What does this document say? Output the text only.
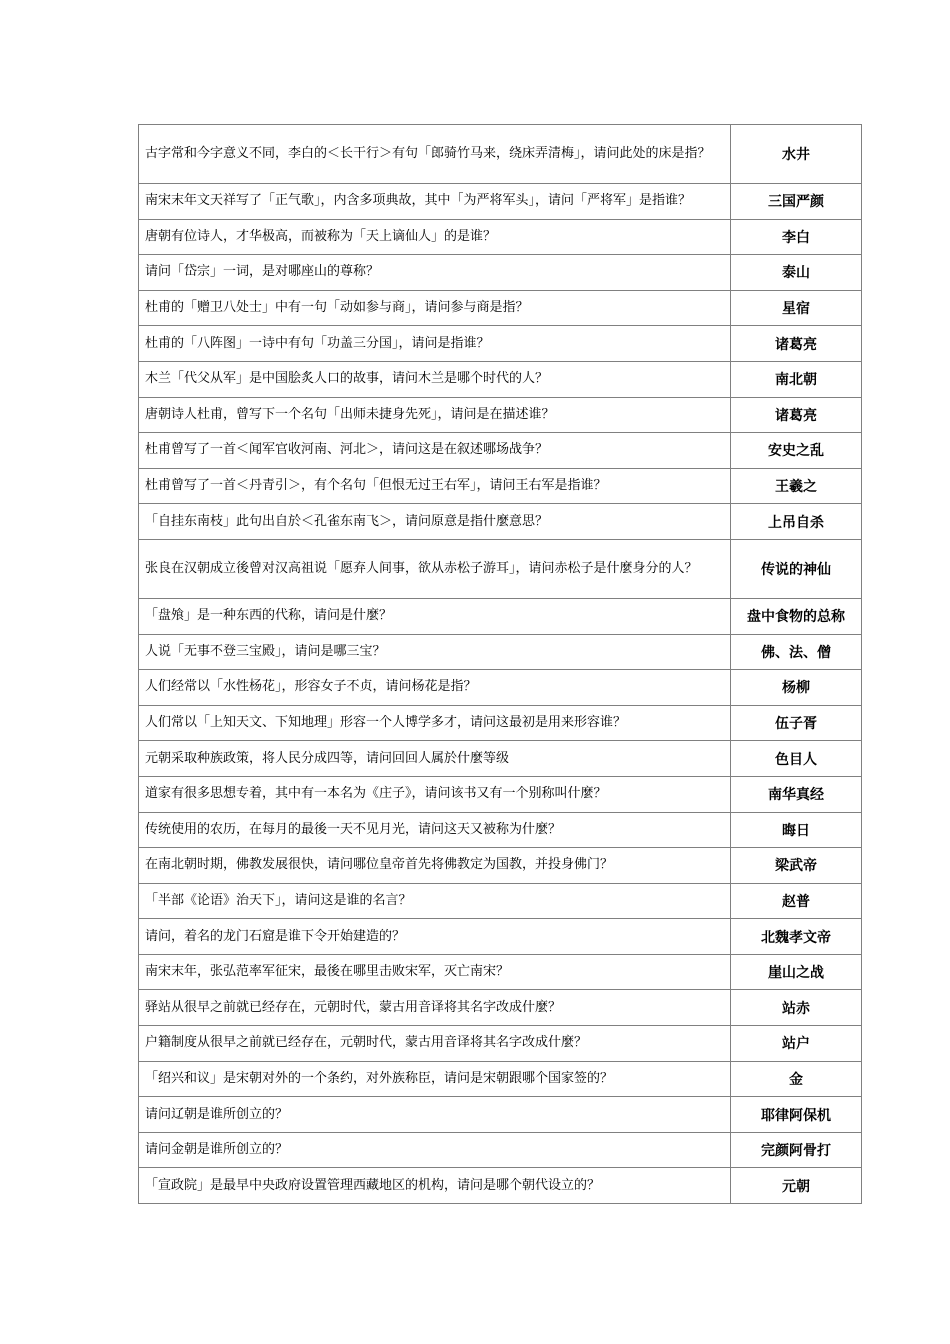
古字常和今字意义不同，李白的＜长干行＞有句「郎骑竹马来，绕床弄清梅」，请问此处的床是指？	水井
南宋末年文天祥写了「正气歌」，内含多项典故，其中「为严将军头」，请问「严将军」是指谁？	三国严颜
唐朝有位诗人，才华极高，而被称为「天上谪仙人」的是谁？	李白
请问「岱宗」一词，是对哪座山的尊称？	泰山
杜甫的「赠卫八处士」中有一句「动如参与商」，请问参与商是指？	星宿
杜甫的「八阵图」一诗中有句「功盖三分国」，请问是指谁？	诸葛亮
木兰「代父从军」是中国脍炙人口的故事，请问木兰是哪个时代的人？	南北朝
唐朝诗人杜甫，曾写下一个名句「出师未捷身先死」，请问是在描述谁？	诸葛亮
杜甫曾写了一首＜闻军官收河南、河北＞，请问这是在叙述哪场战争？	安史之乱
杜甫曾写了一首＜丹青引＞，有个名句「但恨无过王右军」，请问王右军是指谁？	王羲之
「自挂东南枝」此句出自於＜孔雀东南飞＞，请问原意是指什麼意思？	上吊自杀
张良在汉朝成立後曾对汉高祖说「愿弃人间事，欲从赤松子游耳」，请问赤松子是什麼身分的人？	传说的神仙
「盘飧」是一种东西的代称，请问是什麼？	盘中食物的总称
人说「无事不登三宝殿」，请问是哪三宝？	佛、法、僧
人们经常以「水性杨花」，形容女子不贞，请问杨花是指？	杨柳
人们常以「上知天文、下知地理」形容一个人博学多才，请问这最初是用来形容谁？	伍子胥
元朝采取种族政策，将人民分成四等，请问回回人属於什麼等级	色目人
道家有很多思想专着，其中有一本名为《庄子》，请问该书又有一个别称叫什麼？	南华真经
传统使用的农历，在每月的最後一天不见月光，请问这天又被称为什麼？	晦日
在南北朝时期，佛教发展很快，请问哪位皇帝首先将佛教定为国教，并投身佛门？	梁武帝
「半部《论语》治天下」，请问这是谁的名言？	赵普
请问，着名的龙门石窟是谁下令开始建造的？	北魏孝文帝
南宋末年，张弘范率军征宋，最後在哪里击败宋军，灭亡南宋？	崖山之战
驿站从很早之前就已经存在，元朝时代，蒙古用音译将其名字改成什麼？	站赤
户籍制度从很早之前就已经存在，元朝时代，蒙古用音译将其名字改成什麼？	站户
「绍兴和议」是宋朝对外的一个条约，对外族称臣，请问是宋朝跟哪个国家签的？	金
请问辽朝是谁所创立的？	耶律阿保机
请问金朝是谁所创立的？	完颜阿骨打
「宣政院」是最早中央政府设置管理西藏地区的机构，请问是哪个朝代设立的？	元朝
